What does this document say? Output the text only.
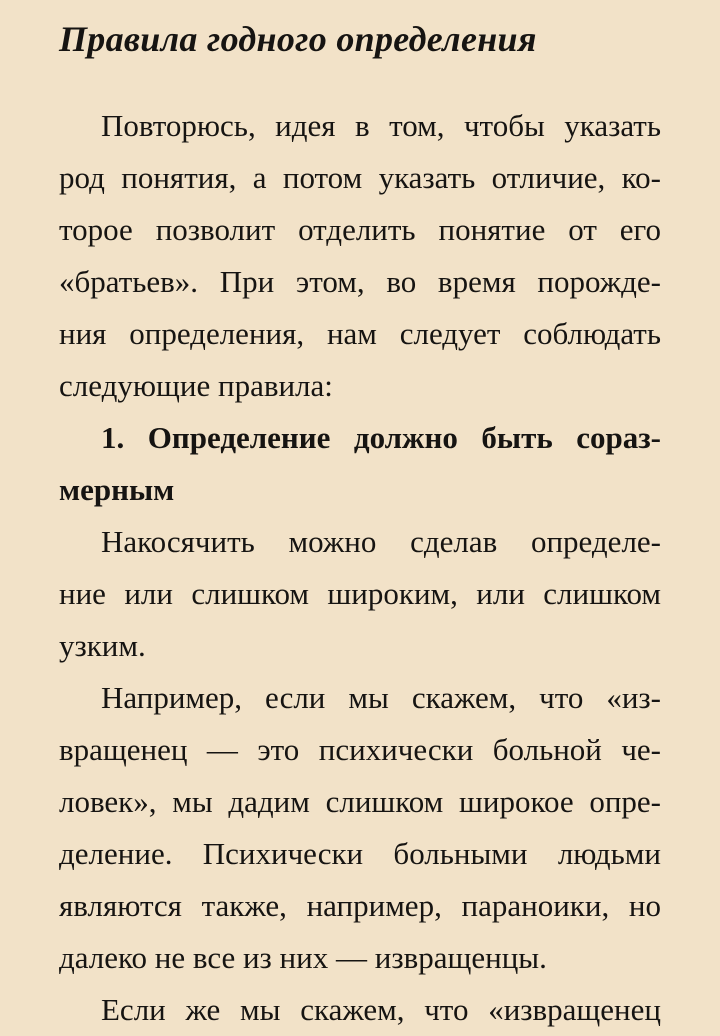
Правила годного определения
Повторюсь, идея в том, чтобы указать
род понятия, а потом указать отличие, ко-
торое позволит отделить понятие от его
«братьев». При этом, во время порожде-
ния определения, нам следует соблюдать
следующие правила:
1. Определение должно быть сораз-
мерным
Накосячить можно сделав определе-
ние или слишком широким, или слишком
узким.
Например, если мы скажем, что «из-
вращенец — это психически больной че-
ловек», мы дадим слишком широкое опре-
деление. Психически больными людьми
являются также, например, параноики, но
далеко не все из них — извращенцы.
Если же мы скажем, что «извращенец
